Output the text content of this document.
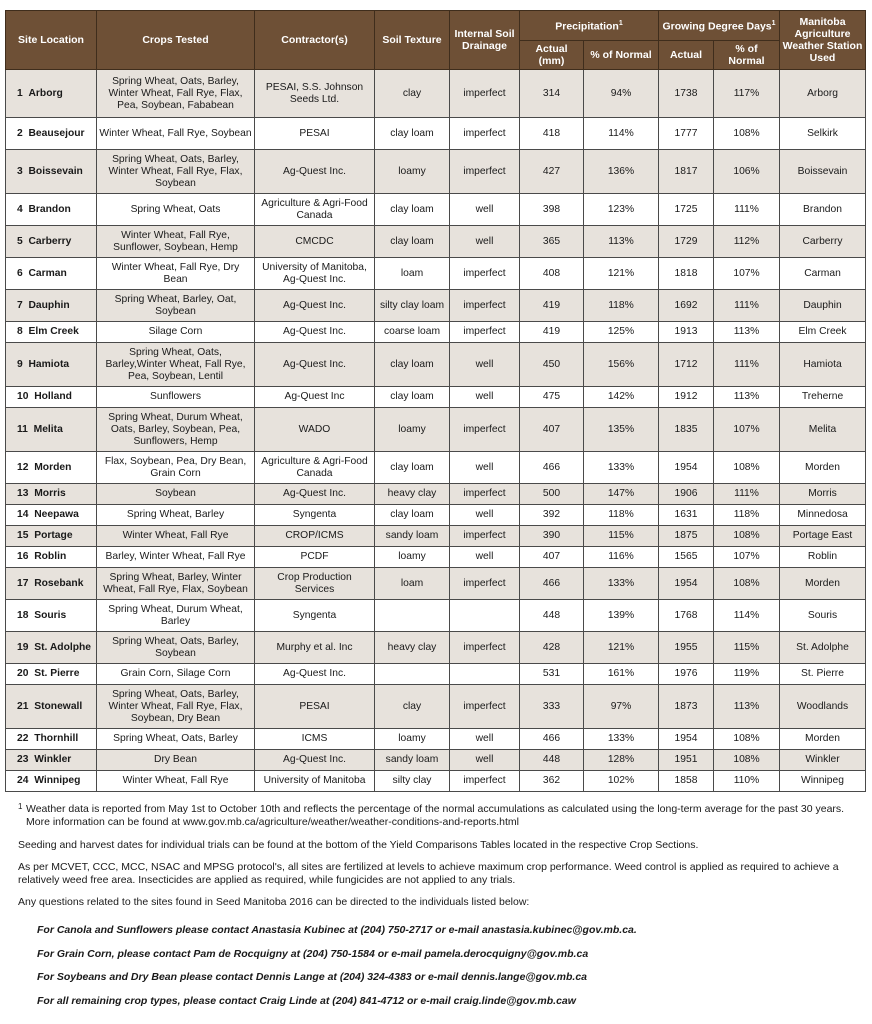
Site Location	Crops Tested	Contractor(s)	Soil Texture	Internal Soil Drainage	Precipitation$^1$		Growing Degree Days$^1$		Manitoba Agriculture Weather Station Used
					Actual (mm)	% of Normal	Actual	% of Normal	
1 Arborg	Spring Wheat, Oats, Barley, Winter Wheat, Fall Rye, Flax, Pea, Soybean, Fababean	PESAI, S.S. Johnson Seeds Ltd.	clay	imperfect	314	94%	1738	117%	Arborg
2 Beausejour	Winter Wheat, Fall Rye, Soybean	PESAI	clay loam	imperfect	418	114%	1777	108%	Selkirk
3 Boissevain	Spring Wheat, Oats, Barley, Winter Wheat, Fall Rye, Flax, Soybean	Ag-Quest Inc.	loamy	imperfect	427	136%	1817	106%	Boissevain
4 Brandon	Spring Wheat, Oats	Agriculture & Agri-Food Canada	clay loam	well	398	123%	1725	111%	Brandon
5 Carberry	Winter Wheat, Fall Rye, Sunflower, Soybean, Hemp	CMCDC	clay loam	well	365	113%	1729	112%	Carberry
6 Carman	Winter Wheat, Fall Rye, Dry Bean	University of Manitoba, Ag-Quest Inc.	loam	imperfect	408	121%	1818	107%	Carman
7 Dauphin	Spring Wheat, Barley, Oat, Soybean	Ag-Quest Inc.	silty clay loam	imperfect	419	118%	1692	111%	Dauphin
8 Elm Creek	Silage Corn	Ag-Quest Inc.	coarse loam	imperfect	419	125%	1913	113%	Elm Creek
9 Hamiota	Spring Wheat, Oats, Barley,Winter Wheat, Fall Rye, Pea, Soybean, Lentil	Ag-Quest Inc.	clay loam	well	450	156%	1712	111%	Hamiota
10 Holland	Sunflowers	Ag-Quest Inc	clay loam	well	475	142%	1912	113%	Treherne
11 Melita	Spring Wheat, Durum Wheat, Oats, Barley, Soybean, Pea, Sunflowers, Hemp	WADO	loamy	imperfect	407	135%	1835	107%	Melita
12 Morden	Flax, Soybean, Pea, Dry Bean, Grain Corn	Agriculture & Agri-Food Canada	clay loam	well	466	133%	1954	108%	Morden
13 Morris	Soybean	Ag-Quest Inc.	heavy clay	imperfect	500	147%	1906	111%	Morris
14 Neepawa	Spring Wheat, Barley	Syngenta	clay loam	well	392	118%	1631	118%	Minnedosa
15 Portage	Winter Wheat, Fall Rye	CROP/ICMS	sandy loam	imperfect	390	115%	1875	108%	Portage East
16 Roblin	Barley, Winter Wheat, Fall Rye	PCDF	loamy	well	407	116%	1565	107%	Roblin
17 Rosebank	Spring Wheat, Barley, Winter Wheat, Fall Rye, Flax, Soybean	Crop Production Services	loam	imperfect	466	133%	1954	108%	Morden
18 Souris	Spring Wheat, Durum Wheat, Barley	Syngenta			448	139%	1768	114%	Souris
19 St. Adolphe	Spring Wheat, Oats, Barley, Soybean	Murphy et al. Inc	heavy clay	imperfect	428	121%	1955	115%	St. Adolphe
20 St. Pierre	Grain Corn, Silage Corn	Ag-Quest Inc.			531	161%	1976	119%	St. Pierre
21 Stonewall	Spring Wheat, Oats, Barley, Winter Wheat, Fall Rye, Flax, Soybean, Dry Bean	PESAI	clay	imperfect	333	97%	1873	113%	Woodlands
22 Thornhill	Spring Wheat, Oats, Barley	ICMS	loamy	well	466	133%	1954	108%	Morden
23 Winkler	Dry Bean	Ag-Quest Inc.	sandy loam	well	448	128%	1951	108%	Winkler
24 Winnipeg	Winter Wheat, Fall Rye	University of Manitoba	silty clay	imperfect	362	102%	1858	110%	Winnipeg

1 Weather data is reported from May 1st to October 10th and reflects the percentage of the normal accumulations as calculated using the long-term average for the past 30 years. More information can be found at www.gov.mb.ca/agriculture/weather/weather-conditions-and-reports.html

Seeding and harvest dates for individual trials can be found at the bottom of the Yield Comparisons Tables located in the respective Crop Sections.

As per MCVET, CCC, MCC, NSAC and MPSG protocol's, all sites are fertilized at levels to achieve maximum crop performance. Weed control is applied as required to achieve a relatively weed free area. Insecticides are applied as required, while fungicides are not applied to any trials.

Any questions related to the sites found in Seed Manitoba 2016 can be directed to the individuals listed below:

For Canola and Sunflowers please contact Anastasia Kubinec at (204) 750-2717 or e-mail anastasia.kubinec@gov.mb.ca.

For Grain Corn, please contact Pam de Rocquigny at (204) 750-1584 or e-mail pamela.derocquigny@gov.mb.ca

For Soybeans and Dry Bean please contact Dennis Lange at (204) 324-4383 or e-mail dennis.lange@gov.mb.ca

For all remaining crop types, please contact Craig Linde at (204) 841-4712 or e-mail craig.linde@gov.mb.caw
